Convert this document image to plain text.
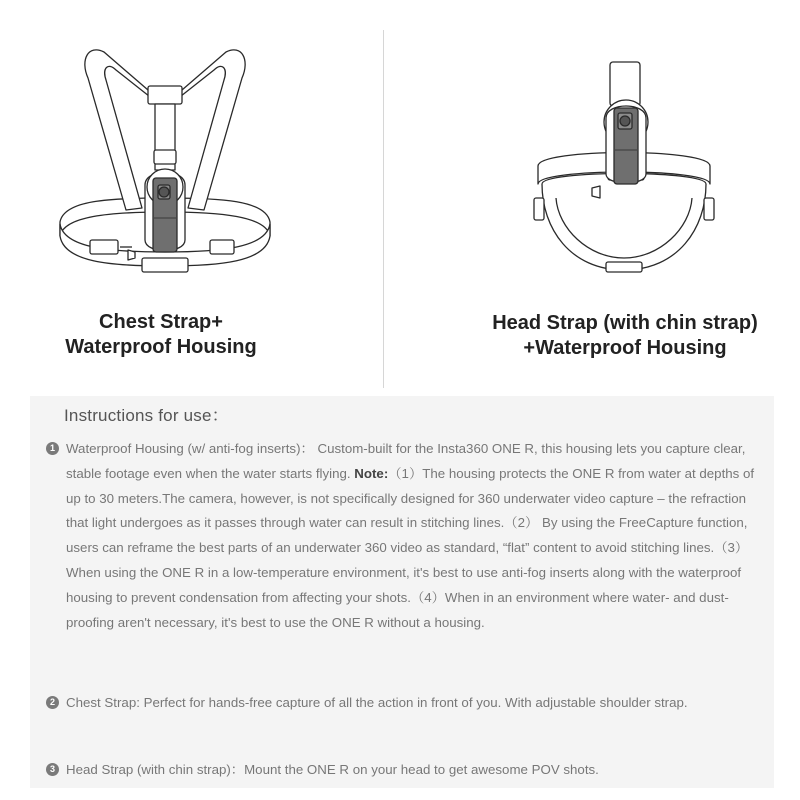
Chest Strap+
Waterproof Housing
Head Strap (with chin strap)
+Waterproof Housing
Instructions for use：
1 Waterproof Housing (w/ anti-fog inserts)： Custom-built for the Insta360 ONE R, this housing lets you capture clear, stable footage even when the water starts flying. Note:（1）The housing protects the ONE R from water at depths of up to 30 meters.The camera, however, is not specifically designed for 360 underwater video capture – the refraction that light undergoes as it passes through water can result in stitching lines.（2） By using the FreeCapture function, users can reframe the best parts of an underwater 360 video as standard, “flat” content to avoid stitching lines.（3）When using the ONE R in a low-temperature environment, it's best to use anti-fog inserts along with the waterproof housing to prevent condensation from affecting your shots.（4）When in an environment where water- and dust-proofing aren't necessary, it's best to use the ONE R without a housing.
2 Chest Strap: Perfect for hands-free capture of all the action in front of you. With adjustable shoulder strap.
3 Head Strap (with chin strap)：Mount the ONE R on your head to get awesome POV shots.
